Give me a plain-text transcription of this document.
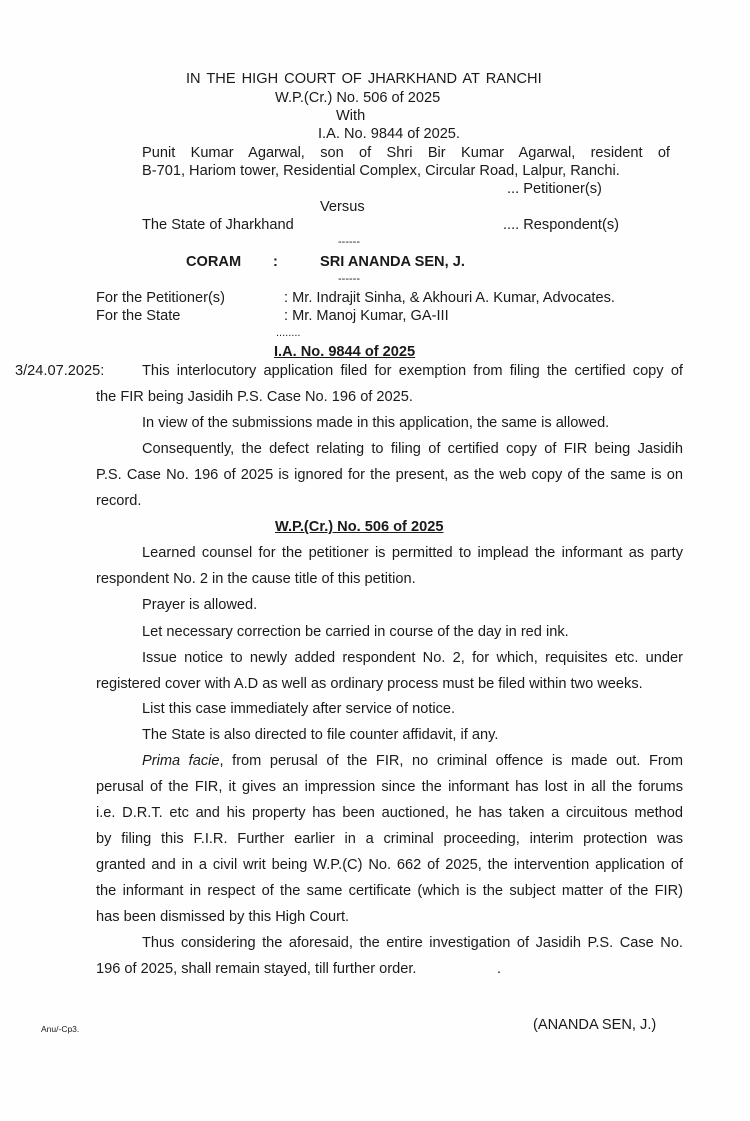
IN THE HIGH COURT OF JHARKHAND AT RANCHI
W.P.(Cr.) No. 506 of 2025
With
I.A. No. 9844 of 2025.
Punit Kumar Agarwal, son of Shri Bir Kumar Agarwal, resident of
B-701, Hariom tower, Residential Complex, Circular Road, Lalpur, Ranchi.
... Petitioner(s)
Versus
The State of Jharkhand	.... Respondent(s)
------
CORAM :	SRI ANANDA SEN, J.
------
For the Petitioner(s)	: Mr. Indrajit Sinha, & Akhouri A. Kumar, Advocates.
For the State	: Mr. Manoj Kumar, GA-III
........
I.A. No. 9844 of 2025
3/24.07.2025:	This interlocutory application filed for exemption from filing the certified copy of
the FIR being Jasidih P.S. Case No. 196 of 2025.
In view of the submissions made in this application, the same is allowed.
Consequently, the defect relating to filing of certified copy of FIR being Jasidih
P.S. Case No. 196 of 2025 is ignored for the present, as the web copy of the same is on
record.
W.P.(Cr.) No. 506 of 2025
Learned counsel for the petitioner is permitted to implead the informant as party
respondent No. 2 in the cause title of this petition.
Prayer is allowed.
Let necessary correction be carried in course of the day in red ink.
Issue notice to newly added respondent No. 2, for which, requisites etc. under
registered cover with A.D as well as ordinary process must be filed within two weeks.
List this case immediately after service of notice.
The State is also directed to file counter affidavit, if any.
Prima facie, from perusal of the FIR, no criminal offence is made out. From
perusal of the FIR, it gives an impression since the informant has lost in all the forums
i.e. D.R.T. etc and his property has been auctioned, he has taken a circuitous method
by filing this F.I.R. Further earlier in a criminal proceeding, interim protection was
granted and in a civil writ being W.P.(C) No. 662 of 2025, the intervention application of
the informant in respect of the same certificate (which is the subject matter of the FIR)
has been dismissed by this High Court.
Thus considering the aforesaid, the entire investigation of Jasidih P.S. Case No.
196 of 2025, shall remain stayed, till further order.	.
Anu/-Cp3.	(ANANDA SEN, J.)
